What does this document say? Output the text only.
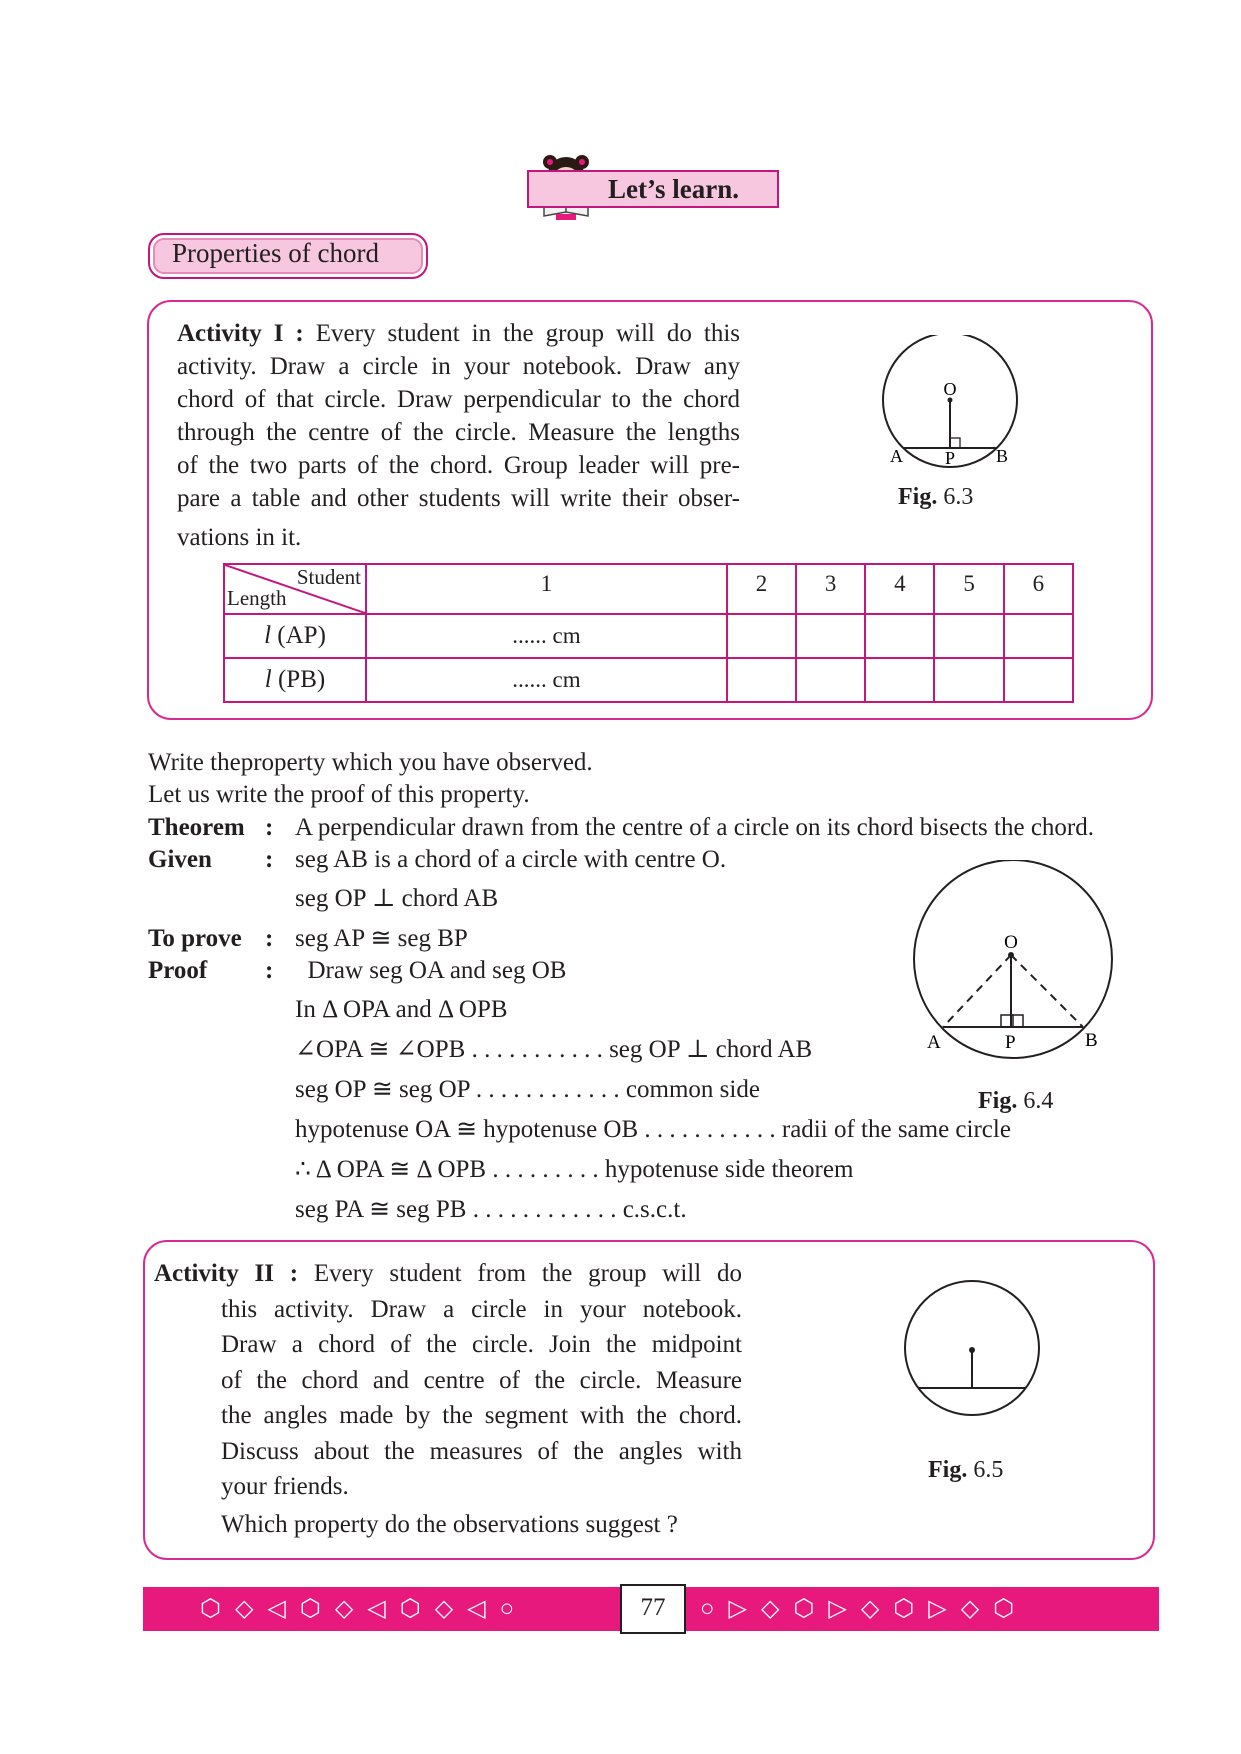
Let’s learn.
Properties of chord
Activity I : Every student in the group will do this
activity. Draw a circle in your notebook. Draw any
chord of that circle. Draw perpendicular to the chord
through the centre of the circle. Measure the lengths
of the two parts of the chord. Group leader will pre-
pare a table and other students will write their obser-
vations in it.
O
A P B
Fig. 6.3
Student
Length	1	2	3	4	5	6
l (AP)	...... cm					
l (PB)	...... cm					
Write theproperty which you have observed.
Let us write the proof of this property.
Theorem : A perpendicular drawn from the centre of a circle on its chord bisects the chord.
Given : seg AB is a chord of a circle with centre O.
seg OP ⊥ chord AB
To prove : seg AP ≅ seg BP
Proof : Draw seg OA and seg OB
In Δ OPA and Δ OPB
∠OPA ≅ ∠OPB . . . . . . . . . . . seg OP ⊥ chord AB
seg OP ≅ seg OP . . . . . . . . . . . . common side
hypotenuse OA ≅ hypotenuse OB . . . . . . . . . . . radii of the same circle
∴ Δ OPA ≅ Δ OPB . . . . . . . . . hypotenuse side theorem
seg PA ≅ seg PB . . . . . . . . . . . . c.s.c.t.
O
A	P	B
Fig. 6.4
Activity II : Every student from the group will do
this activity. Draw a circle in your notebook.
Draw a chord of the circle. Join the midpoint
of the chord and centre of the circle. Measure
the angles made by the segment with the chord.
Discuss about the measures of the angles with
your friends.
Which property do the observations suggest ?
Fig. 6.5
⬡ ◇ ◁ ⬡ ◇ ◁ ⬡ ◇ ◁ ○	○ ▷ ◇ ⬡ ▷ ◇ ⬡ ▷ ◇ ⬡
77
